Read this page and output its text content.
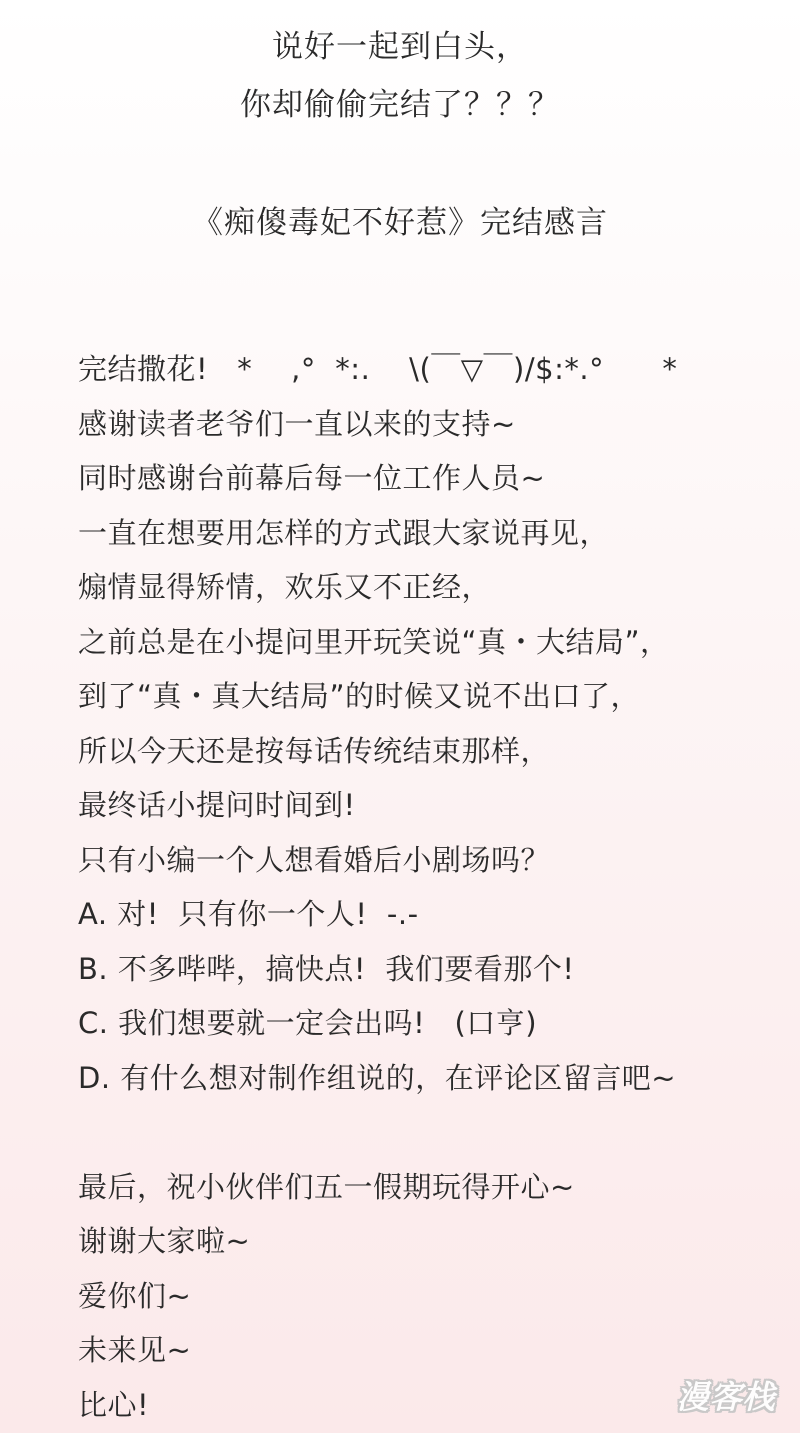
说好一起到白头，
你却偷偷完结了？？？
《痴傻毒妃不好惹》完结感言
完结撒花!   *    ,°  *:.    \(￣▽￣)/$:*.°      *
感谢读者老爷们一直以来的支持~
同时感谢台前幕后每一位工作人员~
一直在想要用怎样的方式跟大家说再见，
煽情显得矫情，欢乐又不正经，
之前总是在小提问里开玩笑说“真・大结局”，
到了“真・真大结局”的时候又说不出口了，
所以今天还是按每话传统结束那样，
最终话小提问时间到!
只有小编一个人想看婚后小剧场吗？
A. 对!  只有你一个人!  -.-
B. 不多哔哔，搞快点!  我们要看那个!
C. 我们想要就一定会出吗!   (口亨)
D. 有什么想对制作组说的，在评论区留言吧~
最后，祝小伙伴们五一假期玩得开心~
谢谢大家啦~
爱你们~
未来见~
比心!	漫客栈
